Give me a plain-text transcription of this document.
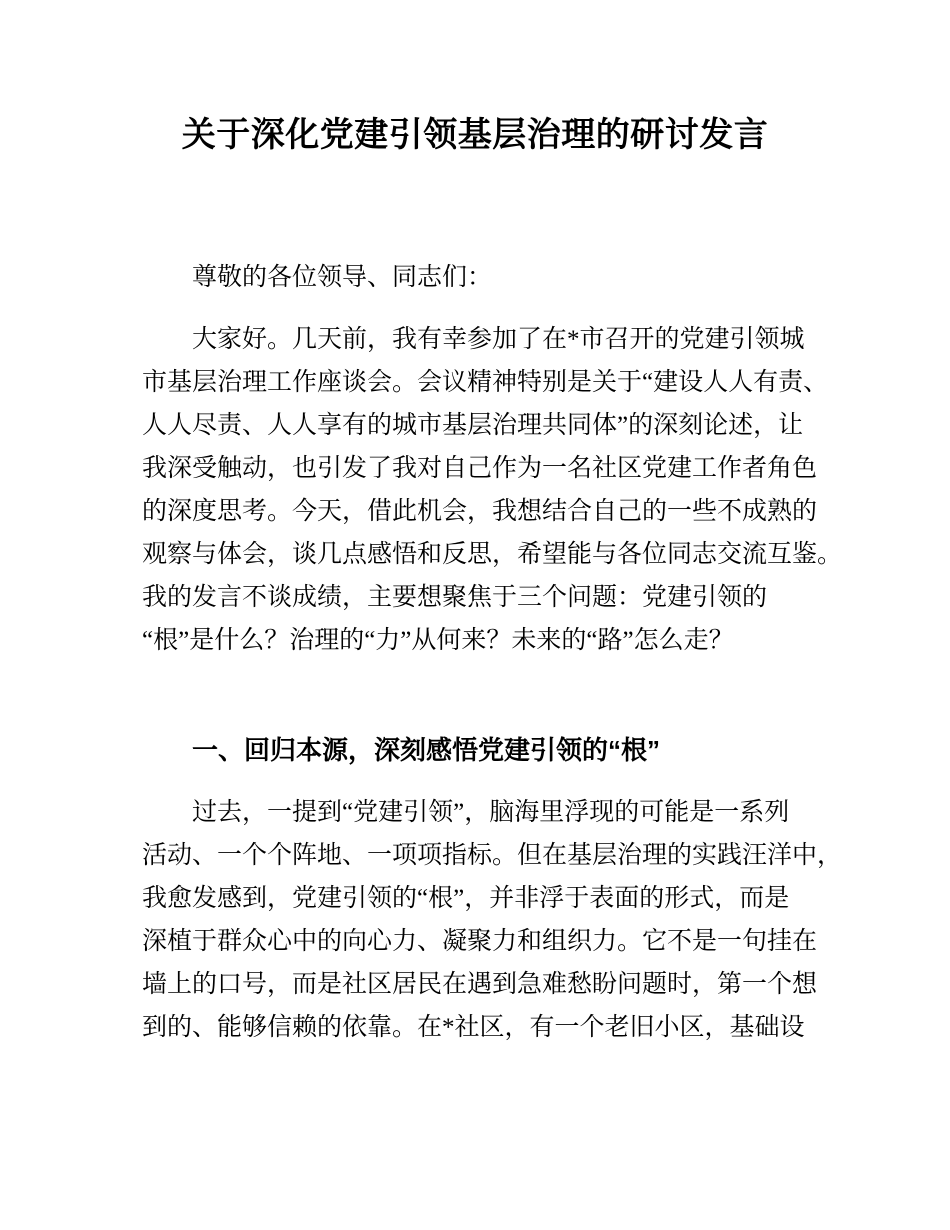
关于深化党建引领基层治理的研讨发言
尊敬的各位领导、同志们：
大家好。几天前，我有幸参加了在*市召开的党建引领城
市基层治理工作座谈会。会议精神特别是关于“建设人人有责、
人人尽责、人人享有的城市基层治理共同体”的深刻论述，让
我深受触动，也引发了我对自己作为一名社区党建工作者角色
的深度思考。今天，借此机会，我想结合自己的一些不成熟的
观察与体会，谈几点感悟和反思，希望能与各位同志交流互鉴。
我的发言不谈成绩，主要想聚焦于三个问题：党建引领的
“根”是什么？治理的“力”从何来？未来的“路”怎么走？
一、回归本源，深刻感悟党建引领的“根”
过去，一提到“党建引领”，脑海里浮现的可能是一系列
活动、一个个阵地、一项项指标。但在基层治理的实践汪洋中，
我愈发感到，党建引领的“根”，并非浮于表面的形式，而是
深植于群众心中的向心力、凝聚力和组织力。它不是一句挂在
墙上的口号，而是社区居民在遇到急难愁盼问题时，第一个想
到的、能够信赖的依靠。在*社区，有一个老旧小区，基础设
